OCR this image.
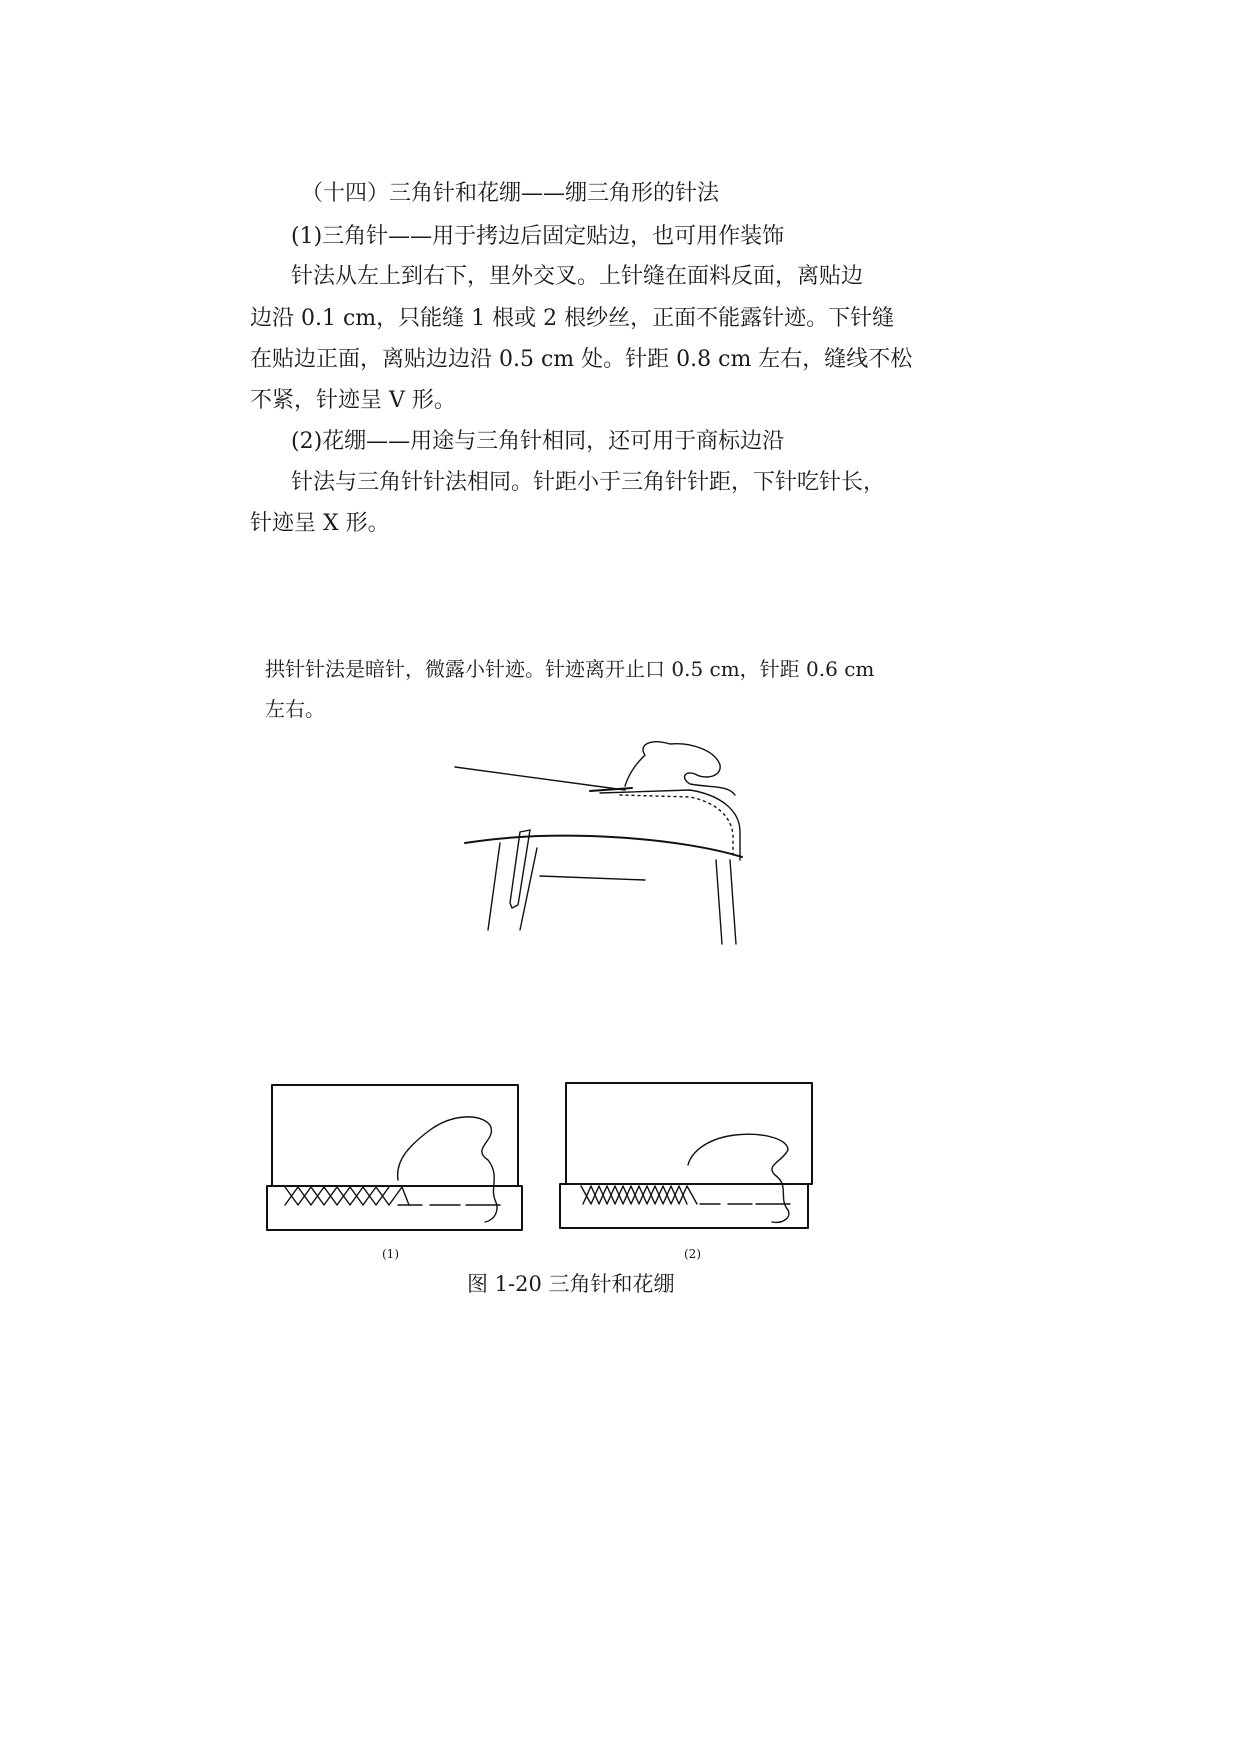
（十四）三角针和花绷——绷三角形的针法
(1)三角针——用于拷边后固定贴边，也可用作装饰
针法从左上到右下，里外交叉。上针缝在面料反面，离贴边
边沿 0.1 cm，只能缝 1 根或 2 根纱丝，正面不能露针迹。下针缝
在贴边正面，离贴边边沿 0.5 cm 处。针距 0.8 cm 左右，缝线不松
不紧，针迹呈 V 形。
(2)花绷——用途与三角针相同，还可用于商标边沿
针法与三角针针法相同。针距小于三角针针距，下针吃针长，
针迹呈 X 形。
拱针针法是暗针，微露小针迹。针迹离开止口 0.5 cm，针距 0.6 cm
左右。
(1)	(2)
图 1-20 三角针和花绷
